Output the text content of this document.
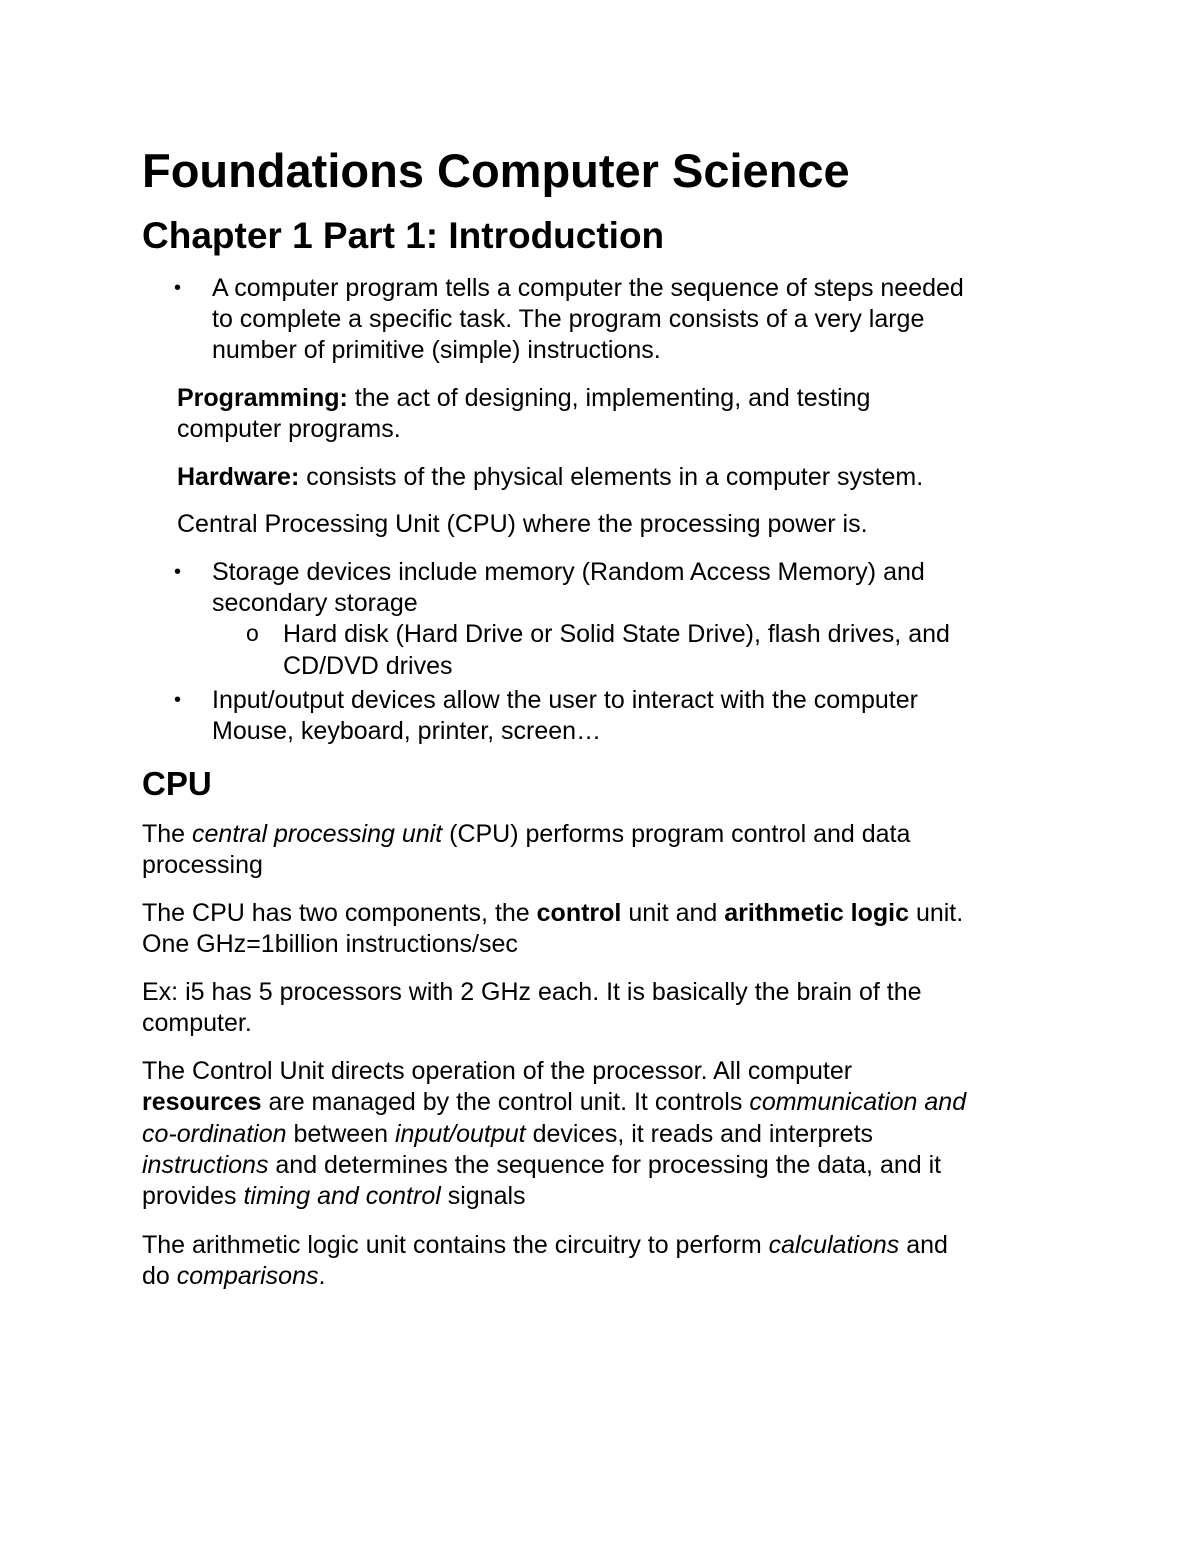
Foundations Computer Science
Chapter 1 Part 1: Introduction
• A computer program tells a computer the sequence of steps needed

to complete a specific task. The program consists of a very large

number of primitive (simple) instructions.

Programming: the act of designing, implementing, and testing

computer programs.

Hardware: consists of the physical elements in a computer system.

Central Processing Unit (CPU) where the processing power is.

• Storage devices include memory (Random Access Memory) and

secondary storage

o Hard disk (Hard Drive or Solid State Drive), flash drives, and

CD/DVD drives

• Input/output devices allow the user to interact with the computer

Mouse, keyboard, printer, screen…

CPU

The central processing unit (CPU) performs program control and data

processing

The CPU has two components, the control unit and arithmetic logic unit.

One GHz=1billion instructions/sec

Ex: i5 has 5 processors with 2 GHz each. It is basically the brain of the

computer.

The Control Unit directs operation of the processor. All computer

resources are managed by the control unit. It controls communication and

co-ordination between input/output devices, it reads and interprets

instructions and determines the sequence for processing the data, and it

provides timing and control signals

The arithmetic logic unit contains the circuitry to perform calculations and

do comparisons.
